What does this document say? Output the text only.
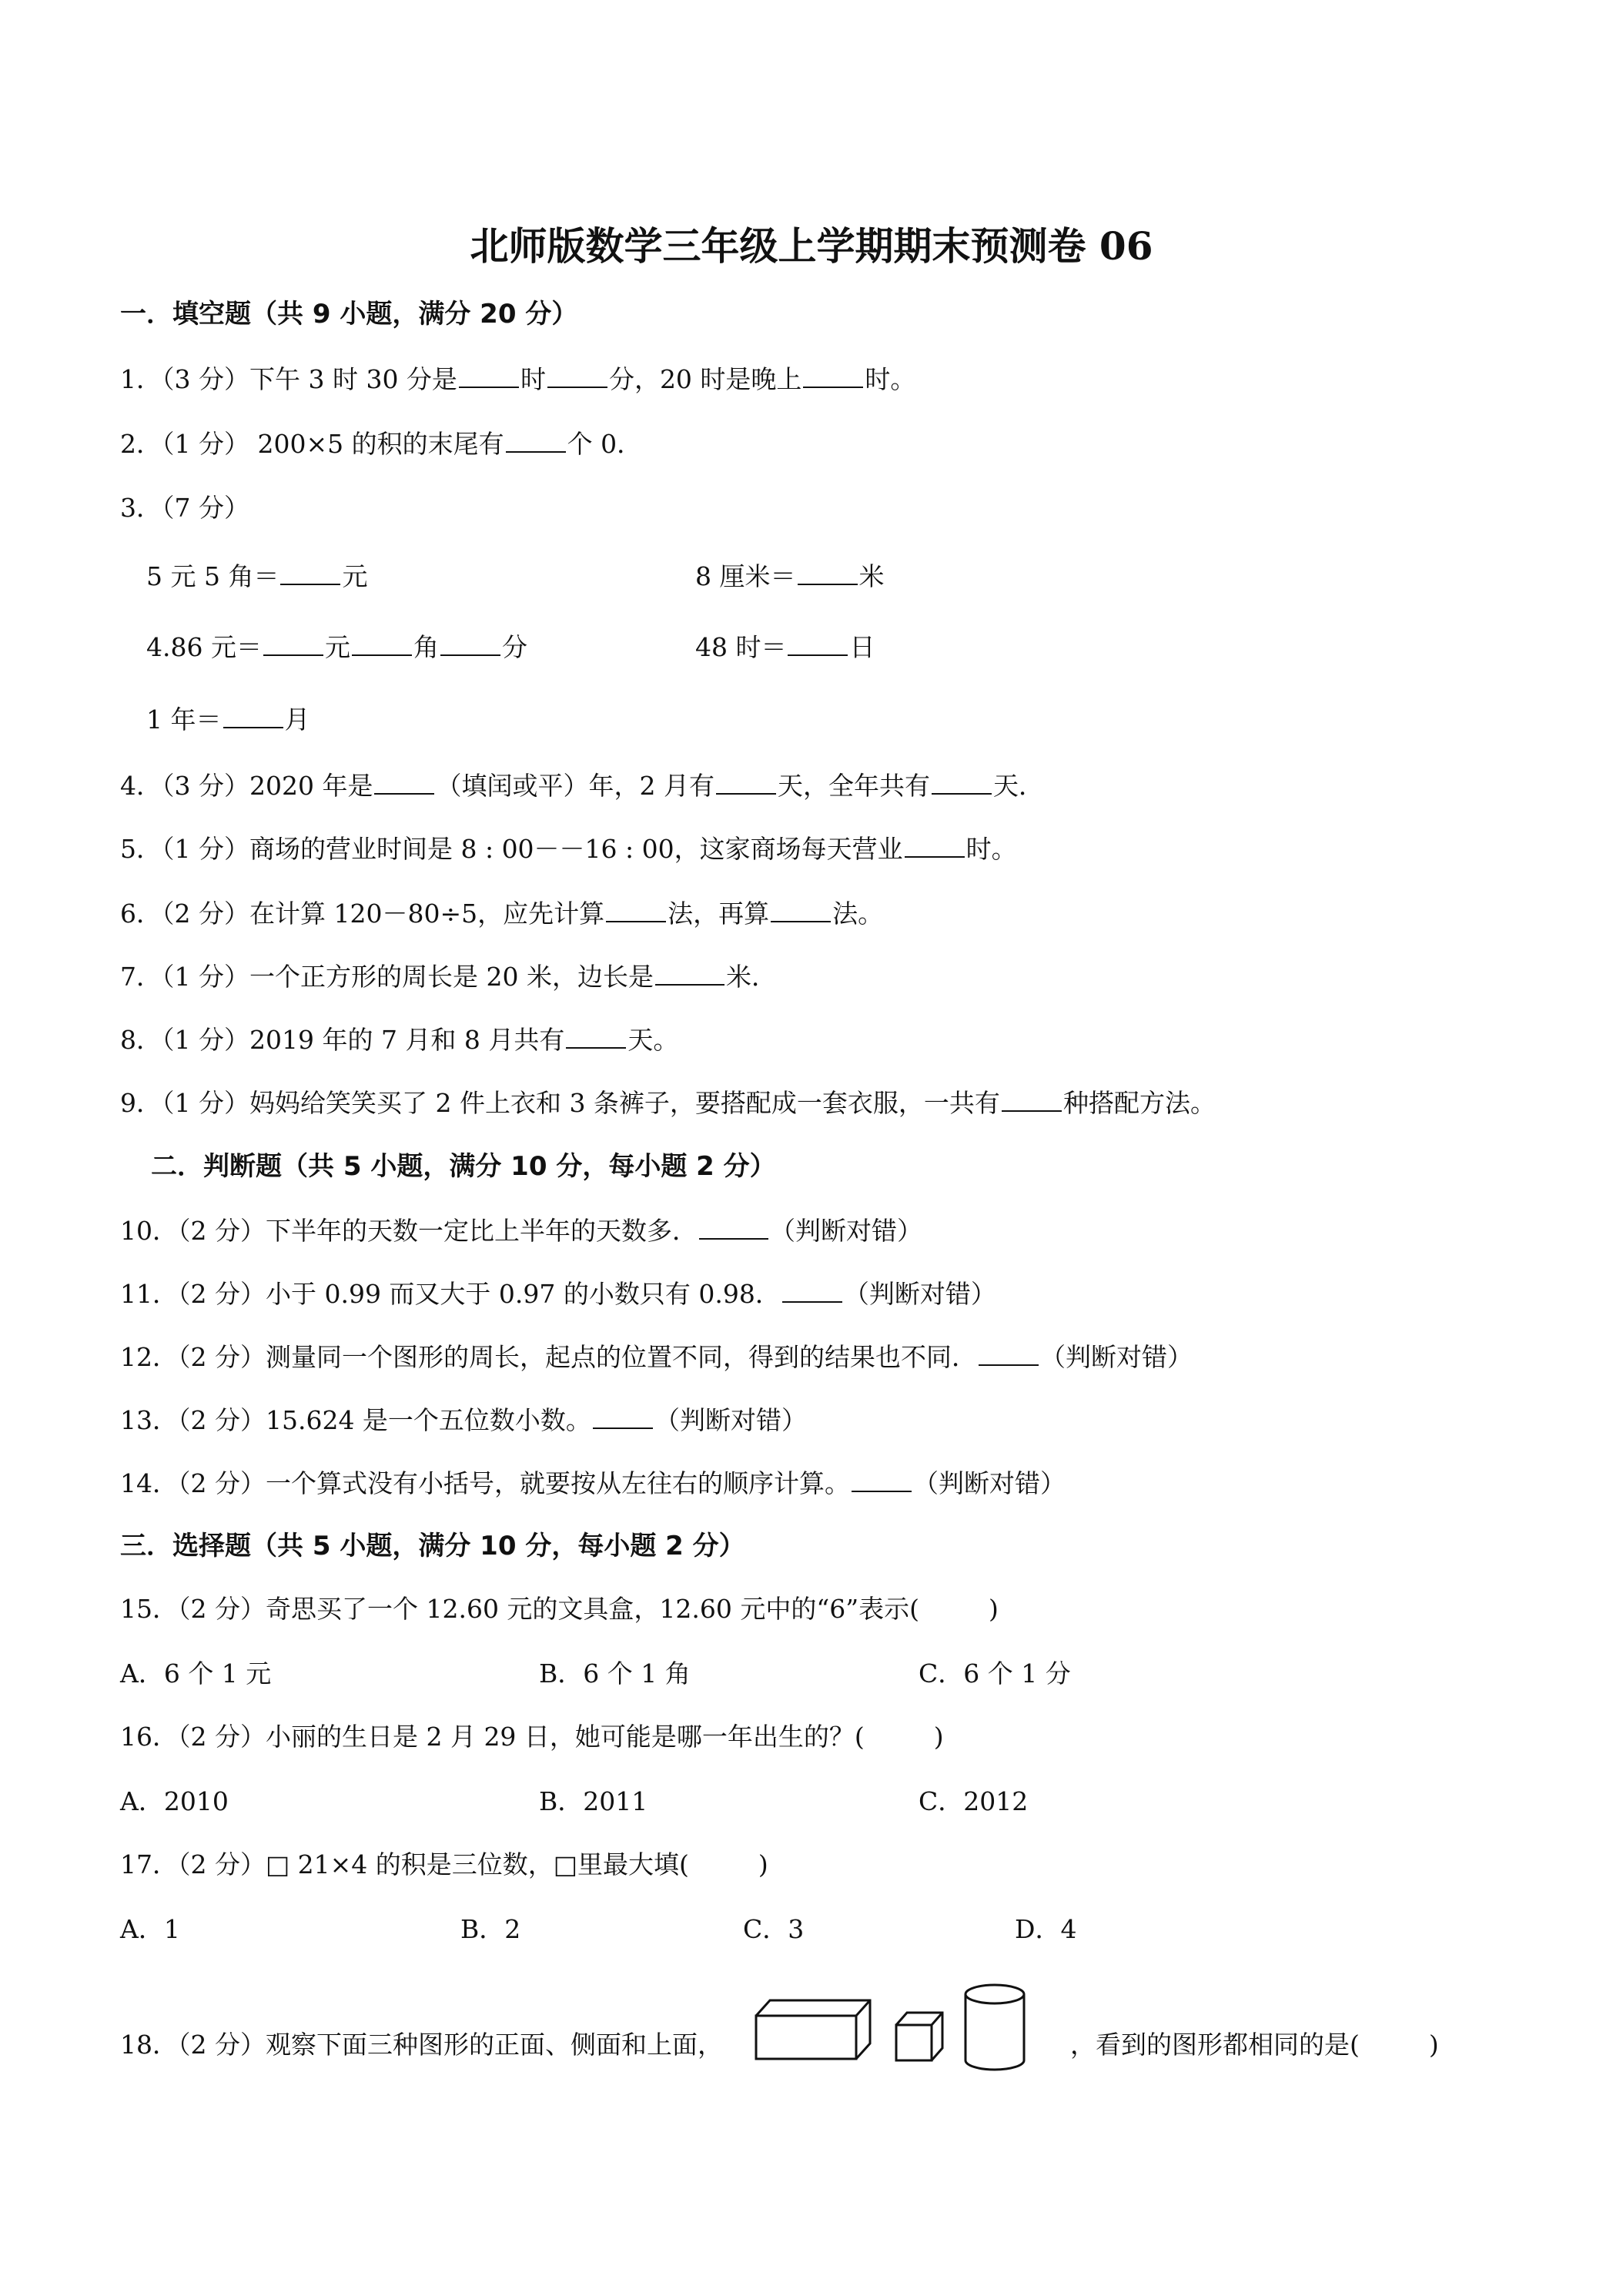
北师版数学三年级上学期期末预测卷 06
一．填空题（共 9 小题，满分 20 分）
1．（3 分）下午 3 时 30 分是 时 分，20 时是晚上 时。
2．（1 分） 200×5 的积的末尾有 个 0．
3．（7 分）
5 元 5 角＝ 元	8 厘米＝ 米
4.86 元＝ 元 角 分	48 时＝ 日
1 年＝ 月
4．（3 分）2020 年是 （填闰或平）年，2 月有 天，全年共有 天．
5．（1 分）商场的营业时间是 8 : 00－－16 : 00，这家商场每天营业 时。
6．（2 分）在计算 120－80÷5，应先计算 法，再算 法。
7．（1 分）一个正方形的周长是 20 米，边长是	米．
8．（1 分）2019 年的 7 月和 8 月共有 天。
9．（1 分）妈妈给笑笑买了 2 件上衣和 3 条裤子，要搭配成一套衣服，一共有 种搭配方法。
二．判断题（共 5 小题，满分 10 分，每小题 2 分）
10．（2 分）下半年的天数一定比上半年的天数多．	（判断对错）
11．（2 分）小于 0.99 而又大于 0.97 的小数只有 0.98． （判断对错）
12．（2 分）测量同一个图形的周长，起点的位置不同，得到的结果也不同． （判断对错）
13．（2 分）15.624 是一个五位数小数。 （判断对错）
14．（2 分）一个算式没有小括号，就要按从左往右的顺序计算。 （判断对错）
三．选择题（共 5 小题，满分 10 分，每小题 2 分）
15．（2 分）奇思买了一个 12.60 元的文具盒，12.60 元中的“6”表示(	)
A．6 个 1 元	B．6 个 1 角	C．6 个 1 分
16．（2 分）小丽的生日是 2 月 29 日，她可能是哪一年出生的？(	)
A．2010	B．2011	C．2012
17．（2 分）□ 21×4 的积是三位数，□里最大填(	)
A．1	B．2	C．3	D．4
18．（2 分）观察下面三种图形的正面、侧面和上面，	，看到的图形都相同的是(	)
